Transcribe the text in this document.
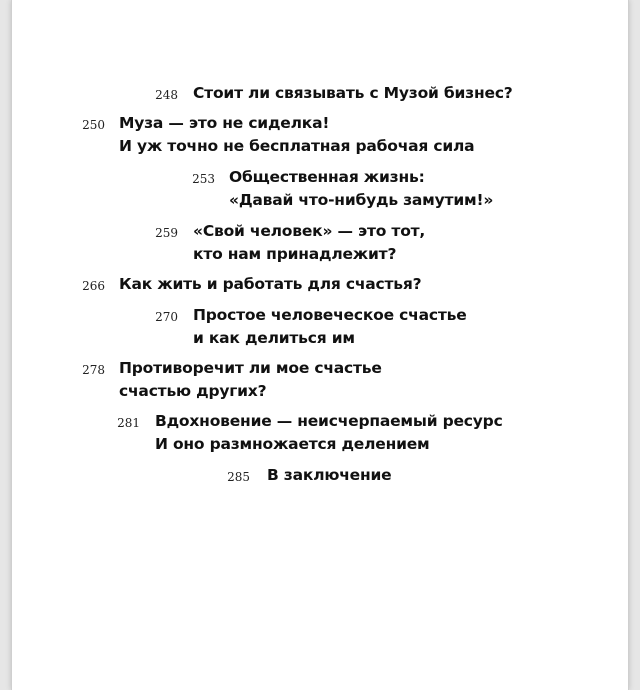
248 Стоит ли связывать с Музой бизнес?
250 Муза — это не сиделка!
И уж точно не бесплатная рабочая сила
253 Общественная жизнь:
«Давай что-нибудь замутим!»
259 «Свой человек» — это тот,
кто нам принадлежит?
266 Как жить и работать для счастья?
270 Простое человеческое счастье
и как делиться им
278 Противоречит ли мое счастье
счастью других?
281 Вдохновение — неисчерпаемый ресурс
И оно размножается делением
285 В заключение
